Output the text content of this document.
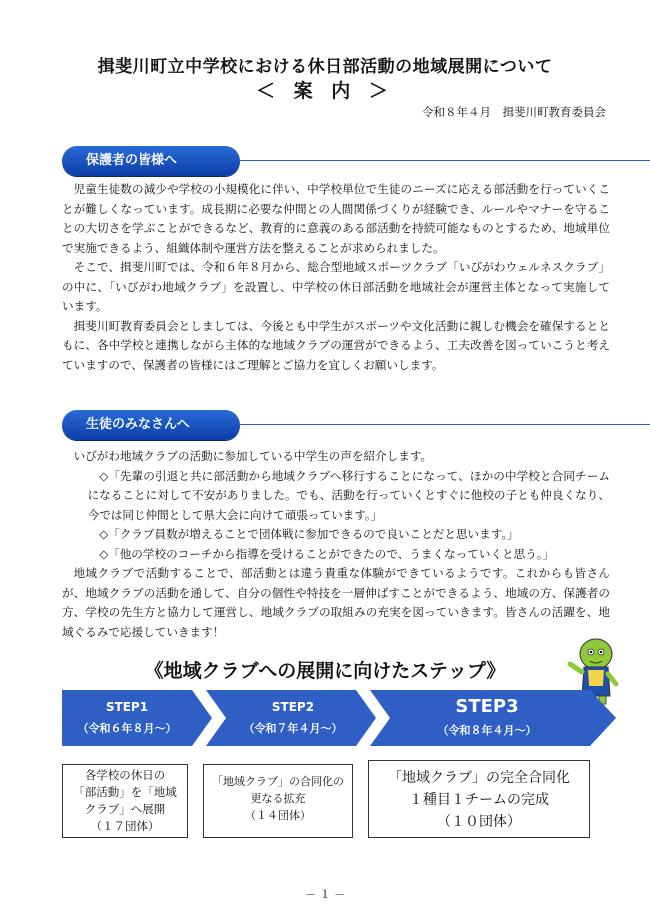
揖斐川町立中学校における休日部活動の地域展開について
＜ 案 内 ＞
令和８年４月　揖斐川町教育委員会
保護者の皆様へ

児童生徒数の減少や学校の小規模化に伴い、中学校単位で生徒のニーズに応える部活動を行っていくことが難しくなっています。成長期に必要な仲間との人間関係づくりが経験でき、ルールやマナーを守ることの大切さを学ぶことができるなど、教育的に意義のある部活動を持続可能なものとするため、地域単位で実施できるよう、組織体制や運営方法を整えることが求められました。

そこで、揖斐川町では、令和６年８月から、総合型地域スポーツクラブ「いびがわウェルネスクラブ」の中に、「いびがわ地域クラブ」を設置し、中学校の休日部活動を地域社会が運営主体となって実施しています。

揖斐川町教育委員会としましては、今後とも中学生がスポーツや文化活動に親しむ機会を確保するとともに、各中学校と連携しながら主体的な地域クラブの運営ができるよう、工夫改善を図っていこうと考えていますので、保護者の皆様にはご理解とご協力を宜しくお願いします。

生徒のみなさんへ

いびがわ地域クラブの活動に参加している中学生の声を紹介します。

◇「先輩の引退と共に部活動から地域クラブへ移行することになって、ほかの中学校と合同チームになることに対して不安がありました。でも、活動を行っていくとすぐに他校の子とも仲良くなり、今では同じ仲間として県大会に向けて頑張っています。」

◇「クラブ員数が増えることで団体戦に参加できるので良いことだと思います。」

◇「他の学校のコーチから指導を受けることができたので、うまくなっていくと思う。」

地域クラブで活動することで、部活動とは違う貴重な体験ができているようです。これからも皆さんが、地域クラブの活動を通して、自分の個性や特技を一層伸ばすことができるよう、地域の方、保護者の方、学校の先生方と協力して運営し、地域クラブの取組みの充実を図っていきます。皆さんの活躍を、地域ぐるみで応援していきます！

《地域クラブへの展開に向けたステップ》
STEP1
（令和６年８月～）
STEP2
（令和７年４月～）
STEP3
（令和８年４月～）
各学校の休日の
「部活動」を「地域
クラブ」へ展開
（１７団体）
「地域クラブ」の合同化の
更なる拡充
（１４団体）
「地域クラブ」の完全合同化
１種目１チームの完成
（１０団体）
－ １ －
